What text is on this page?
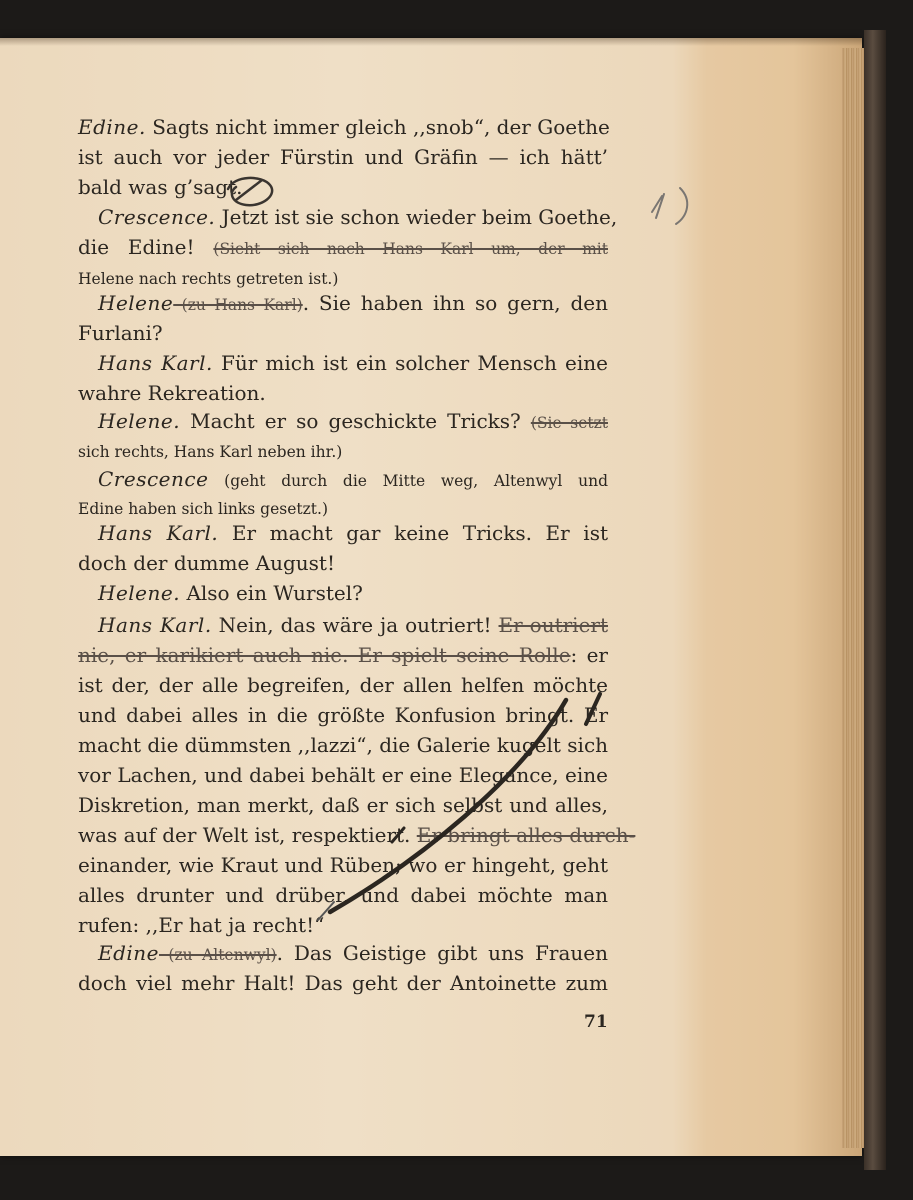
Edine. Sagts nicht immer gleich ,,snob“, der Goethe
ist auch vor jeder Fürstin und Gräfin — ich hätt’
bald was g’sagt.
Crescence. Jetzt ist sie schon wieder beim Goethe,
die Edine! (Sieht sich nach Hans Karl um, der mit
Helene nach rechts getreten ist.)
Helene (zu Hans Karl). Sie haben ihn so gern, den
Furlani?
Hans Karl. Für mich ist ein solcher Mensch eine
wahre Rekreation.
Helene. Macht er so geschickte Tricks? (Sie setzt
sich rechts, Hans Karl neben ihr.)
Crescence (geht durch die Mitte weg, Altenwyl und
Edine haben sich links gesetzt.)
Hans Karl. Er macht gar keine Tricks. Er ist
doch der dumme August!
Helene. Also ein Wurstel?
Hans Karl. Nein, das wäre ja outriert! Er outriert
nie, er karikiert auch nie. Er spielt seine Rolle: er
ist der, der alle begreifen, der allen helfen möchte
und dabei alles in die größte Konfusion bringt. Er
macht die dümmsten ,,lazzi“, die Galerie kugelt sich
vor Lachen, und dabei behält er eine Elegance, eine
Diskretion, man merkt, daß er sich selbst und alles,
was auf der Welt ist, respektiert. Er bringt alles durch-
einander, wie Kraut und Rüben; wo er hingeht, geht
alles drunter und drüber, und dabei möchte man
rufen: ,,Er hat ja recht!“
Edine (zu Altenwyl). Das Geistige gibt uns Frauen
doch viel mehr Halt! Das geht der Antoinette zum
71
